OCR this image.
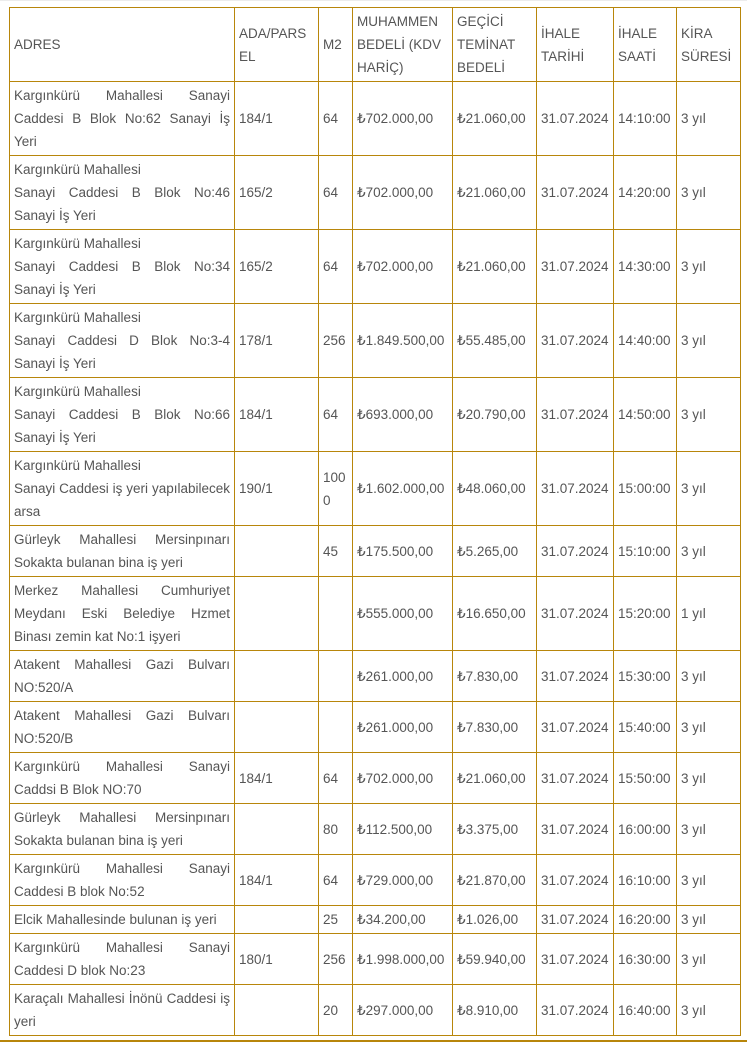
ADRES	ADA/PARSEL	M2	MUHAMMEN BEDELİ (KDV HARİÇ)	GEÇİCİ TEMİNAT BEDELİ	İHALE TARİHİ	İHALE SAATİ	KİRA SÜRESİ

Kargınkürü Mahallesi Sanayi Caddesi B Blok No:62 Sanayi İş Yeri	184/1	64	₺702.000,00	₺21.060,00	31.07.2024	14:10:00	3 yıl

Kargınkürü Mahallesi
Sanayi Caddesi B Blok No:46 Sanayi İş Yeri	165/2	64	₺702.000,00	₺21.060,00	31.07.2024	14:20:00	3 yıl

Kargınkürü Mahallesi
Sanayi Caddesi B Blok No:34 Sanayi İş Yeri	165/2	64	₺702.000,00	₺21.060,00	31.07.2024	14:30:00	3 yıl

Kargınkürü Mahallesi
Sanayi Caddesi D Blok No:3-4 Sanayi İş Yeri	178/1	256	₺1.849.500,00	₺55.485,00	31.07.2024	14:40:00	3 yıl

Kargınkürü Mahallesi
Sanayi Caddesi B Blok No:66 Sanayi İş Yeri	184/1	64	₺693.000,00	₺20.790,00	31.07.2024	14:50:00	3 yıl

Kargınkürü Mahallesi
Sanayi Caddesi iş yeri yapılabilecek arsa	190/1	1000	₺1.602.000,00	₺48.060,00	31.07.2024	15:00:00	3 yıl

Gürleyk Mahallesi Mersinpınarı Sokakta bulanan bina iş yeri		45	₺175.500,00	₺5.265,00	31.07.2024	15:10:00	3 yıl

Merkez Mahallesi Cumhuriyet Meydanı Eski Belediye Hzmet Binası zemin kat No:1 işyeri			₺555.000,00	₺16.650,00	31.07.2024	15:20:00	1 yıl

Atakent Mahallesi Gazi Bulvarı NO:520/A			₺261.000,00	₺7.830,00	31.07.2024	15:30:00	3 yıl

Atakent Mahallesi Gazi Bulvarı NO:520/B			₺261.000,00	₺7.830,00	31.07.2024	15:40:00	3 yıl

Kargınkürü Mahallesi Sanayi Caddsi B Blok NO:70	184/1	64	₺702.000,00	₺21.060,00	31.07.2024	15:50:00	3 yıl

Gürleyk Mahallesi Mersinpınarı Sokakta bulanan bina iş yeri		80	₺112.500,00	₺3.375,00	31.07.2024	16:00:00	3 yıl

Kargınkürü Mahallesi Sanayi Caddesi B blok No:52	184/1	64	₺729.000,00	₺21.870,00	31.07.2024	16:10:00	3 yıl

Elcik Mahallesinde bulunan iş yeri		25	₺34.200,00	₺1.026,00	31.07.2024	16:20:00	3 yıl

Kargınkürü Mahallesi Sanayi Caddesi D blok No:23	180/1	256	₺1.998.000,00	₺59.940,00	31.07.2024	16:30:00	3 yıl

Karaçalı Mahallesi İnönü Caddesi iş yeri		20	₺297.000,00	₺8.910,00	31.07.2024	16:40:00	3 yıl
